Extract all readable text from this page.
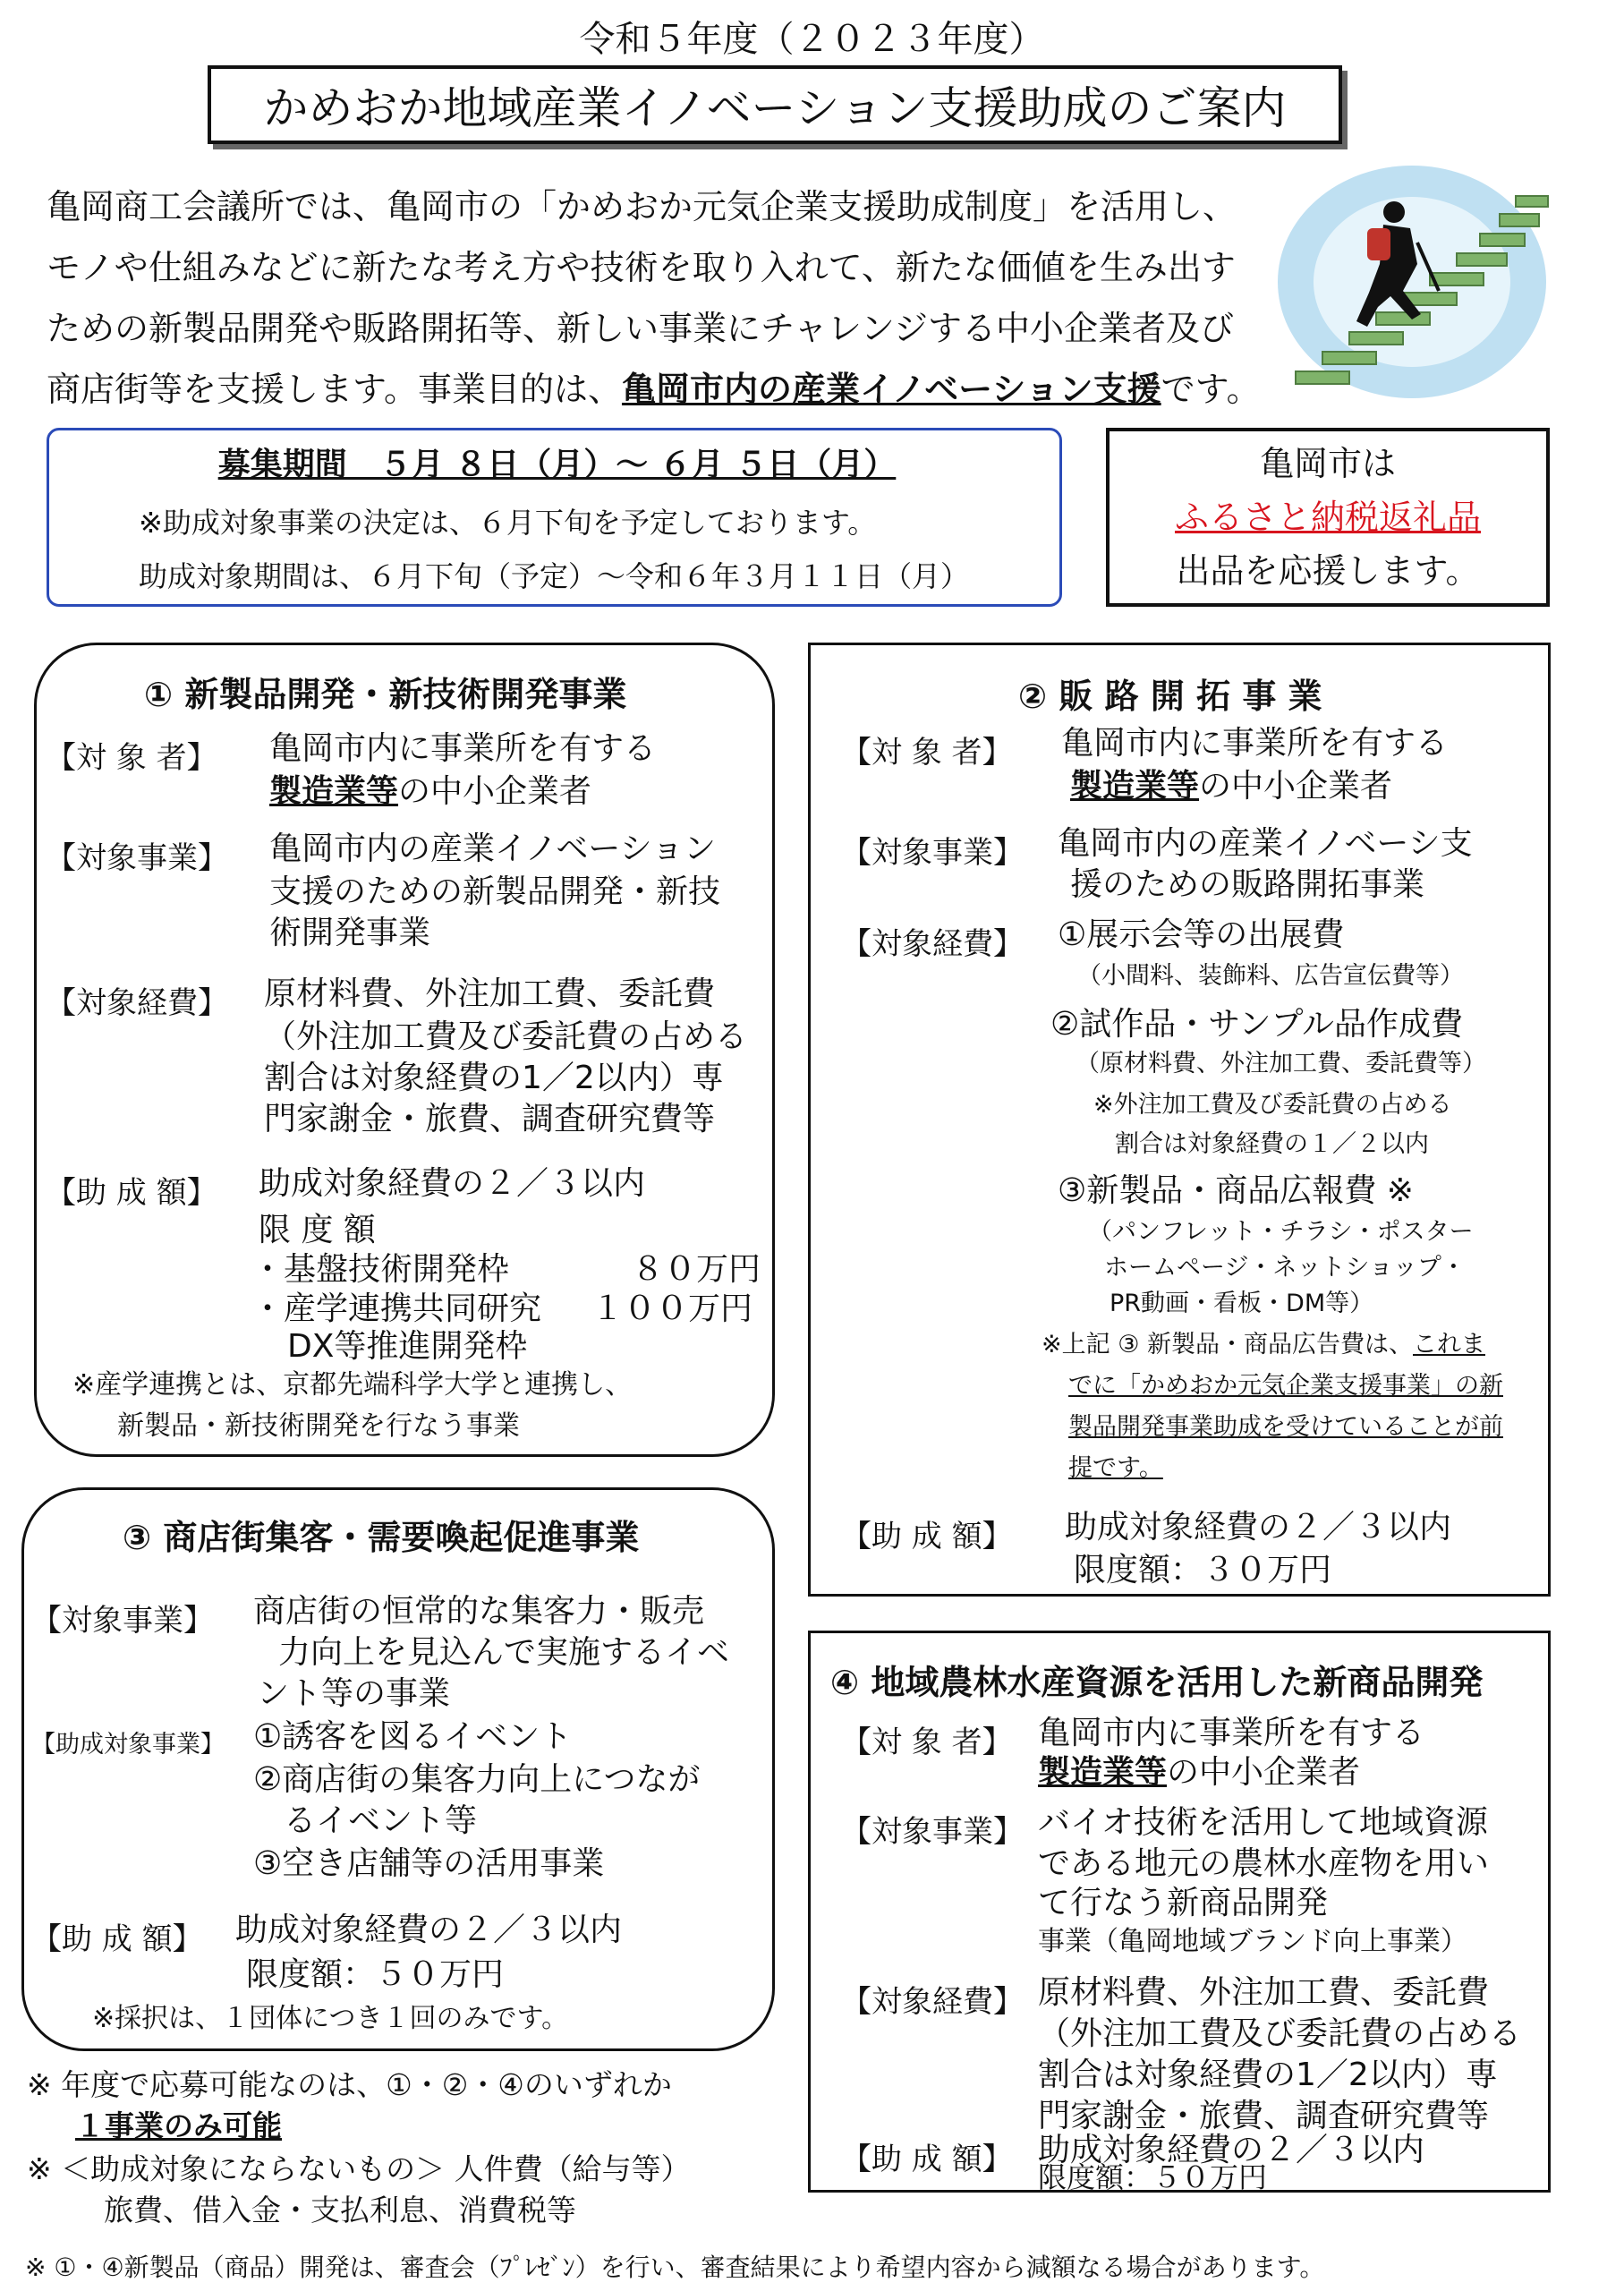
令和５年度（２０２３年度）
かめおか地域産業イノベーション支援助成のご案内

亀岡商工会議所では、亀岡市の「かめおか元気企業支援助成制度」を活用し、

モノや仕組みなどに新たな考え方や技術を取り入れて、新たな価値を生み出す

ための新製品開発や販路開拓等、新しい事業にチャレンジする中小企業者及び

商店街等を支援します。事業目的は、亀岡市内の産業イノベーション支援です。

募集期間　５月 ８日（月）～ ６月 ５日（月）
※助成対象事業の決定は、６月下旬を予定しております。
助成対象期間は、６月下旬（予定）～令和６年３月１１日（月）
亀岡市は
ふるさと納税返礼品
出品を応援します。
① 新製品開発・新技術開発事業
【対 象 者】 亀岡市内に事業所を有する
製造業等の中小企業者
【対象事業】 亀岡市内の産業イノベーション
支援のための新製品開発・新技
術開発事業
【対象経費】 原材料費、外注加工費、委託費
（外注加工費及び委託費の占める
割合は対象経費の1／2以内）専
門家謝金・旅費、調査研究費等
【助 成 額】 助成対象経費の２／３以内
限 度 額
・基盤技術開発枠	８０万円
・産学連携共同研究 １００万円
DX等推進開発枠
※産学連携とは、京都先端科学大学と連携し、
新製品・新技術開発を行なう事業
② 販 路 開 拓 事 業
【対 象 者】 亀岡市内に事業所を有する
製造業等の中小企業者
【対象事業】 亀岡市内の産業イノベーシ支
援のための販路開拓事業
【対象経費】 ①展示会等の出展費
（小間料、装飾料、広告宣伝費等）
②試作品・サンプル品作成費
（原材料費、外注加工費、委託費等）
※外注加工費及び委託費の占める
割合は対象経費の１／２以内
③新製品・商品広報費 ※
（パンフレット・チラシ・ポスター
ホームページ・ネットショップ・
PR動画・看板・DM等）
※上記 ③ 新製品・商品広告費は、これま
でに「かめおか元気企業支援事業」の新
製品開発事業助成を受けていることが前
提です。
【助 成 額】 助成対象経費の２／３以内
限度額：３０万円
③ 商店街集客・需要喚起促進事業
【対象事業】 商店街の恒常的な集客力・販売
力向上を見込んで実施するイベ
ント等の事業
【助成対象事業】 ①誘客を図るイベント
②商店街の集客力向上につなが
るイベント等
③空き店舗等の活用事業
【助 成 額】 助成対象経費の２／３以内
限度額：５０万円
※採択は、１団体につき１回のみです。
④ 地域農林水産資源を活用した新商品開発
【対 象 者】 亀岡市内に事業所を有する
製造業等の中小企業者
【対象事業】 バイオ技術を活用して地域資源
である地元の農林水産物を用い
て行なう新商品開発
事業（亀岡地域ブランド向上事業）
【対象経費】 原材料費、外注加工費、委託費
（外注加工費及び委託費の占める
割合は対象経費の1／2以内）専
門家謝金・旅費、調査研究費等
【助 成 額】 助成対象経費の２／３以内
限度額：５０万円
※ 年度で応募可能なのは、①・②・④のいずれか
１事業のみ可能
※ ＜助成対象にならないもの＞ 人件費（給与等）
旅費、借入金・支払利息、消費税等
※ ①・④新製品（商品）開発は、審査会（ﾌﾟﾚｾﾞﾝ）を行い、審査結果により希望内容から減額なる場合があります。
